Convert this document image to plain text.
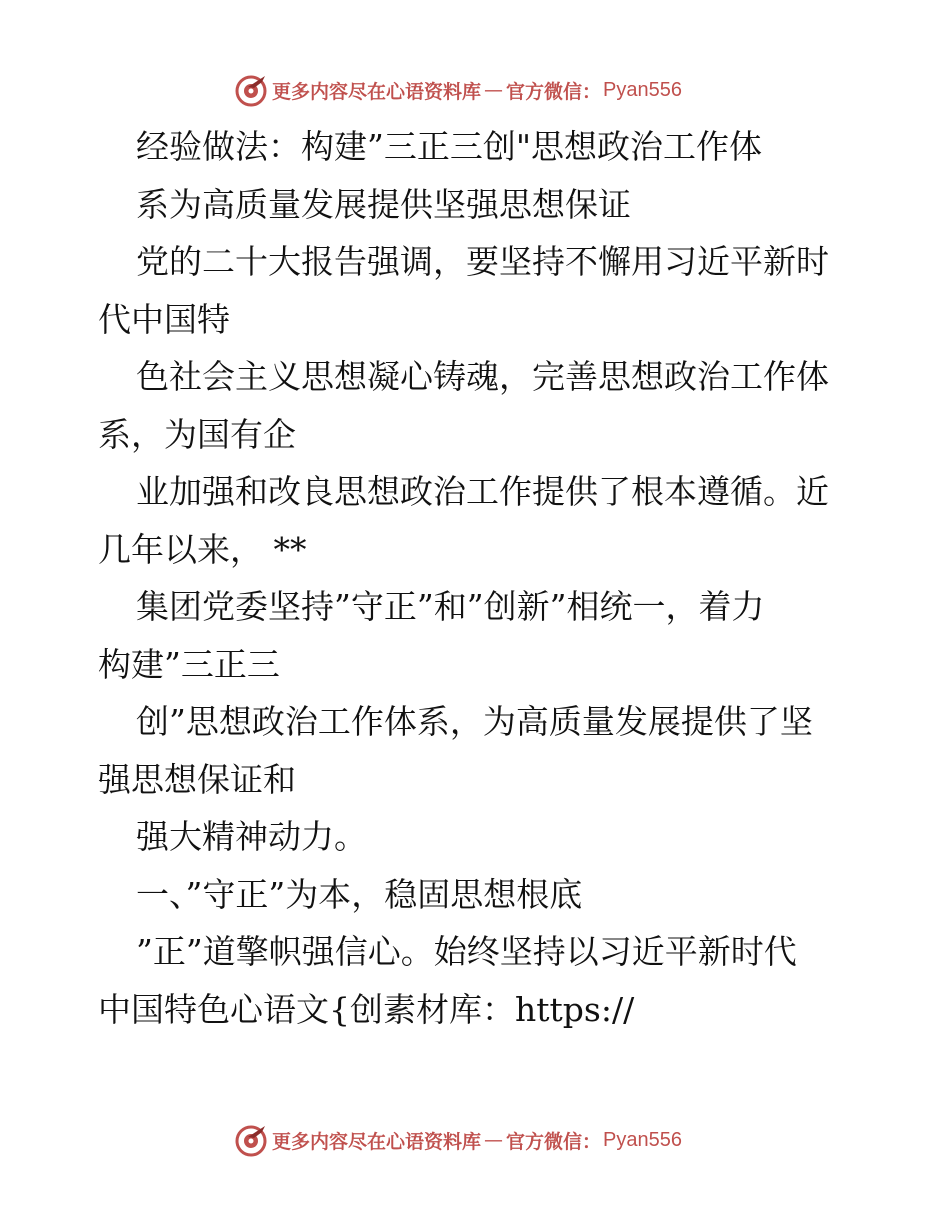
更多内容尽在心语资料库 — 官方微信： Pyan556
经验做法：构建”三正三创"思想政治工作体
系为高质量发展提供坚强思想保证
党的二十大报告强调，要坚持不懈用习近平新时
代中国特
色社会主义思想凝心铸魂，完善思想政治工作体
系，为国有企
业加强和改良思想政治工作提供了根本遵循。近
几年以来， **
集团党委坚持”守正”和”创新”相统一，着力
构建”三正三
创”思想政治工作体系，为高质量发展提供了坚
强思想保证和
强大精神动力。
一、”守正”为本，稳固思想根底
”正”道擎帜强信心。始终坚持以习近平新时代
中国特色心语文{创素材库：https://
更多内容尽在心语资料库 — 官方微信： Pyan556
